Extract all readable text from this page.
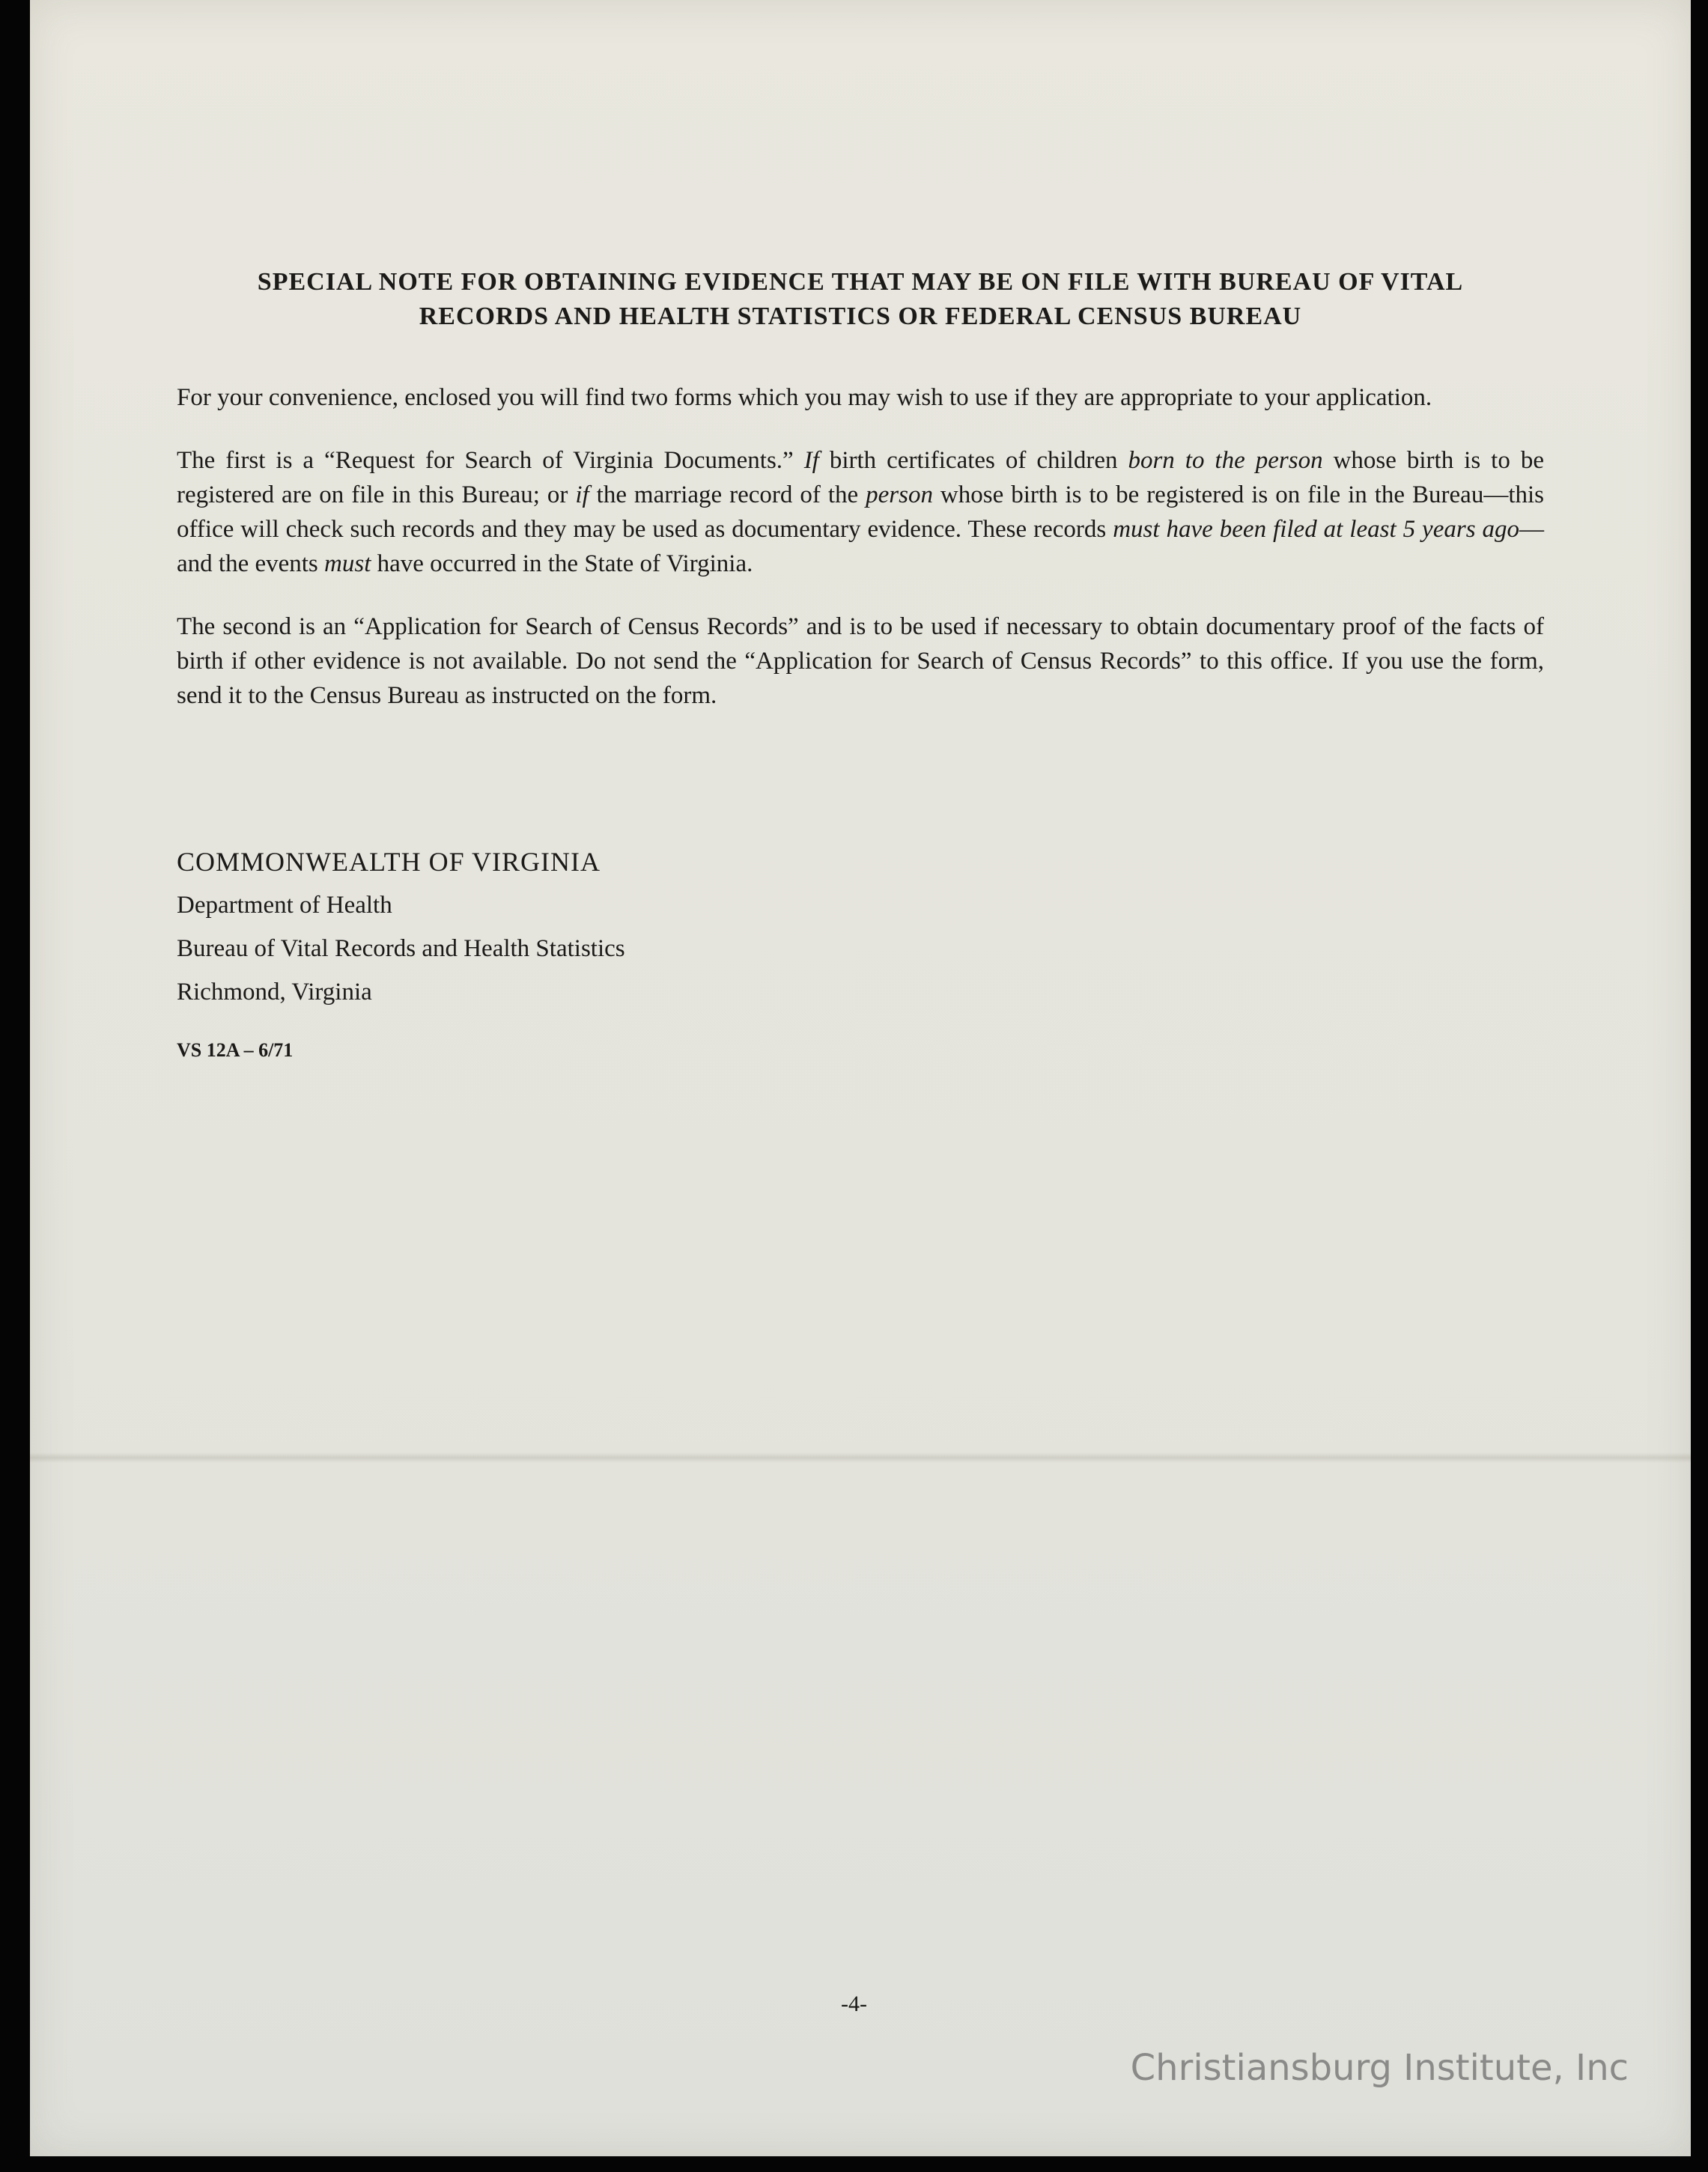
SPECIAL NOTE FOR OBTAINING EVIDENCE THAT MAY BE ON FILE WITH BUREAU OF VITAL
RECORDS AND HEALTH STATISTICS OR FEDERAL CENSUS BUREAU

For your convenience, enclosed you will find two forms which you may wish to use if they are appropriate to your application.

The first is a “Request for Search of Virginia Documents.” If birth certificates of children born to the person whose birth is to be registered are on file in this Bureau; or if the marriage record of the person whose birth is to be registered is on file in the Bureau—this office will check such records and they may be used as documentary evidence. These records must have been filed at least 5 years ago—and the events must have occurred in the State of Virginia.

The second is an “Application for Search of Census Records” and is to be used if necessary to obtain documentary proof of the facts of birth if other evidence is not available. Do not send the “Application for Search of Census Records” to this office. If you use the form, send it to the Census Bureau as instructed on the form.

COMMONWEALTH OF VIRGINIA
Department of Health
Bureau of Vital Records and Health Statistics
Richmond, Virginia
VS 12A – 6/71
-4-
Christiansburg Institute, Inc
